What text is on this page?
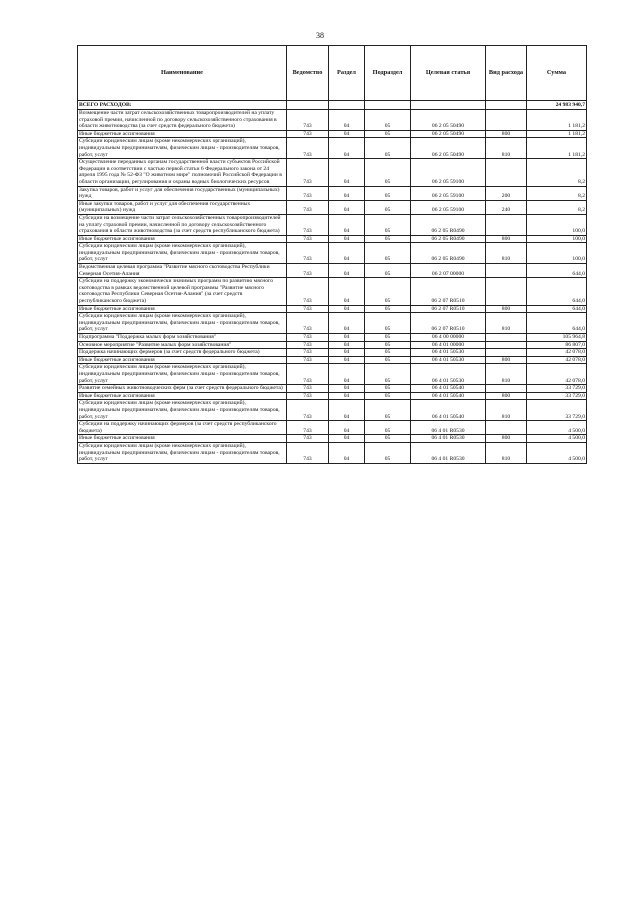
38
Наименование	Ведомство	Раздел	Подраздел	Целевая статья	Вид расхода	Сумма
ВСЕГО РАСХОДОВ:						24 983 940,7
Возмещение части затрат сельскохозяйственных товаропроизводителей на уплату страховой премии, начисленной по договору сельскохозяйственного страхования в области животноводства (за счет средств федерального бюджета)	743	04	05	06 2 05 50490		1 181,2
Иные бюджетные ассигнования	743	04	05	06 2 05 50490	800	1 181,2
Субсидии юридическим лицам (кроме некоммерческих организаций), индивидуальным предпринимателям, физическим лицам - производителям товаров, работ, услуг	743	04	05	06 2 05 50490	810	1 181,2
Осуществление переданных органам государственной власти субъектов Российской Федерации в соответствии с частью первой статьи 6 Федерального закона от 24 апреля 1995 года № 52-ФЗ "О животном мире" полномочий Российской Федерации в области организации, регулирования и охраны водных биологических ресурсов	743	04	05	06 2 05 59100		8,2
Закупка товаров, работ и услуг для обеспечения государственных (муниципальных) нужд	743	04	05	06 2 05 59100	200	8,2
Иные закупки товаров, работ и услуг для обеспечения государственных (муниципальных) нужд	743	04	05	06 2 05 59100	240	8,2
Субсидии на возмещение части затрат сельскохозяйственных товаропроизводителей на уплату страховой премии, начисленной по договору сельскохозяйственного страхования в области животноводства (за счет средств республиканского бюджета)	743	04	05	06 2 05 R0490		100,0
Иные бюджетные ассигнования	743	04	05	06 2 05 R0490	800	100,0
Субсидии юридическим лицам (кроме некоммерческих организаций), индивидуальным предпринимателям, физическим лицам - производителям товаров, работ, услуг	743	04	05	06 2 05 R0490	810	100,0
Ведомственная целевая программа "Развитие мясного скотоводства Республики Северная Осетия-Алания	743	04	05	06 2 07 00000		644,0
Субсидии на поддержку экономически значимых программ по развитию мясного скотоводства в рамках ведомственной целевой программы "Развитие мясного скотоводства Республики Северная Осетия-Алания" (за счет средств республиканского бюджета)	743	04	05	06 2 07 R0510		644,0
Иные бюджетные ассигнования	743	04	05	06 2 07 R0510	800	644,0
Субсидии юридическим лицам (кроме некоммерческих организаций), индивидуальным предпринимателям, физическим лицам - производителям товаров, работ, услуг	743	04	05	06 2 07 R0510	810	644,0
Подпрограмма "Поддержка малых форм хозяйствования"	743	04	05	06 4 00 00000		105 964,8
Основное мероприятие "Развитие малых форм хозяйствования"	743	04	05	06 4 01 00000		86 807,0
Поддержка начинающих фермеров (за счет средств федерального бюджета)	743	04	05	06 4 01 50530		42 078,0
Иные бюджетные ассигнования	743	04	05	06 4 01 50530	800	42 078,0
Субсидии юридическим лицам (кроме некоммерческих организаций), индивидуальным предпринимателям, физическим лицам - производителям товаров, работ, услуг	743	04	05	06 4 01 50530	810	42 078,0
Развитие семейных животноводческих ферм (за счет средств федерального бюджета)	743	04	05	06 4 01 50540		33 729,0
Иные бюджетные ассигнования	743	04	05	06 4 01 50540	800	33 729,0
Субсидии юридическим лицам (кроме некоммерческих организаций), индивидуальным предпринимателям, физическим лицам - производителям товаров, работ, услуг	743	04	05	06 4 01 50540	810	33 729,0
Субсидии на поддержку начинающих фермеров (за счет средств республиканского бюджета)	743	04	05	06 4 01 R0530		4 500,0
Иные бюджетные ассигнования	743	04	05	06 4 01 R0530	800	4 500,0
Субсидии юридическим лицам (кроме некоммерческих организаций), индивидуальным предпринимателям, физическим лицам - производителям товаров, работ, услуг	743	04	05	06 4 01 R0530	810	4 500,0
